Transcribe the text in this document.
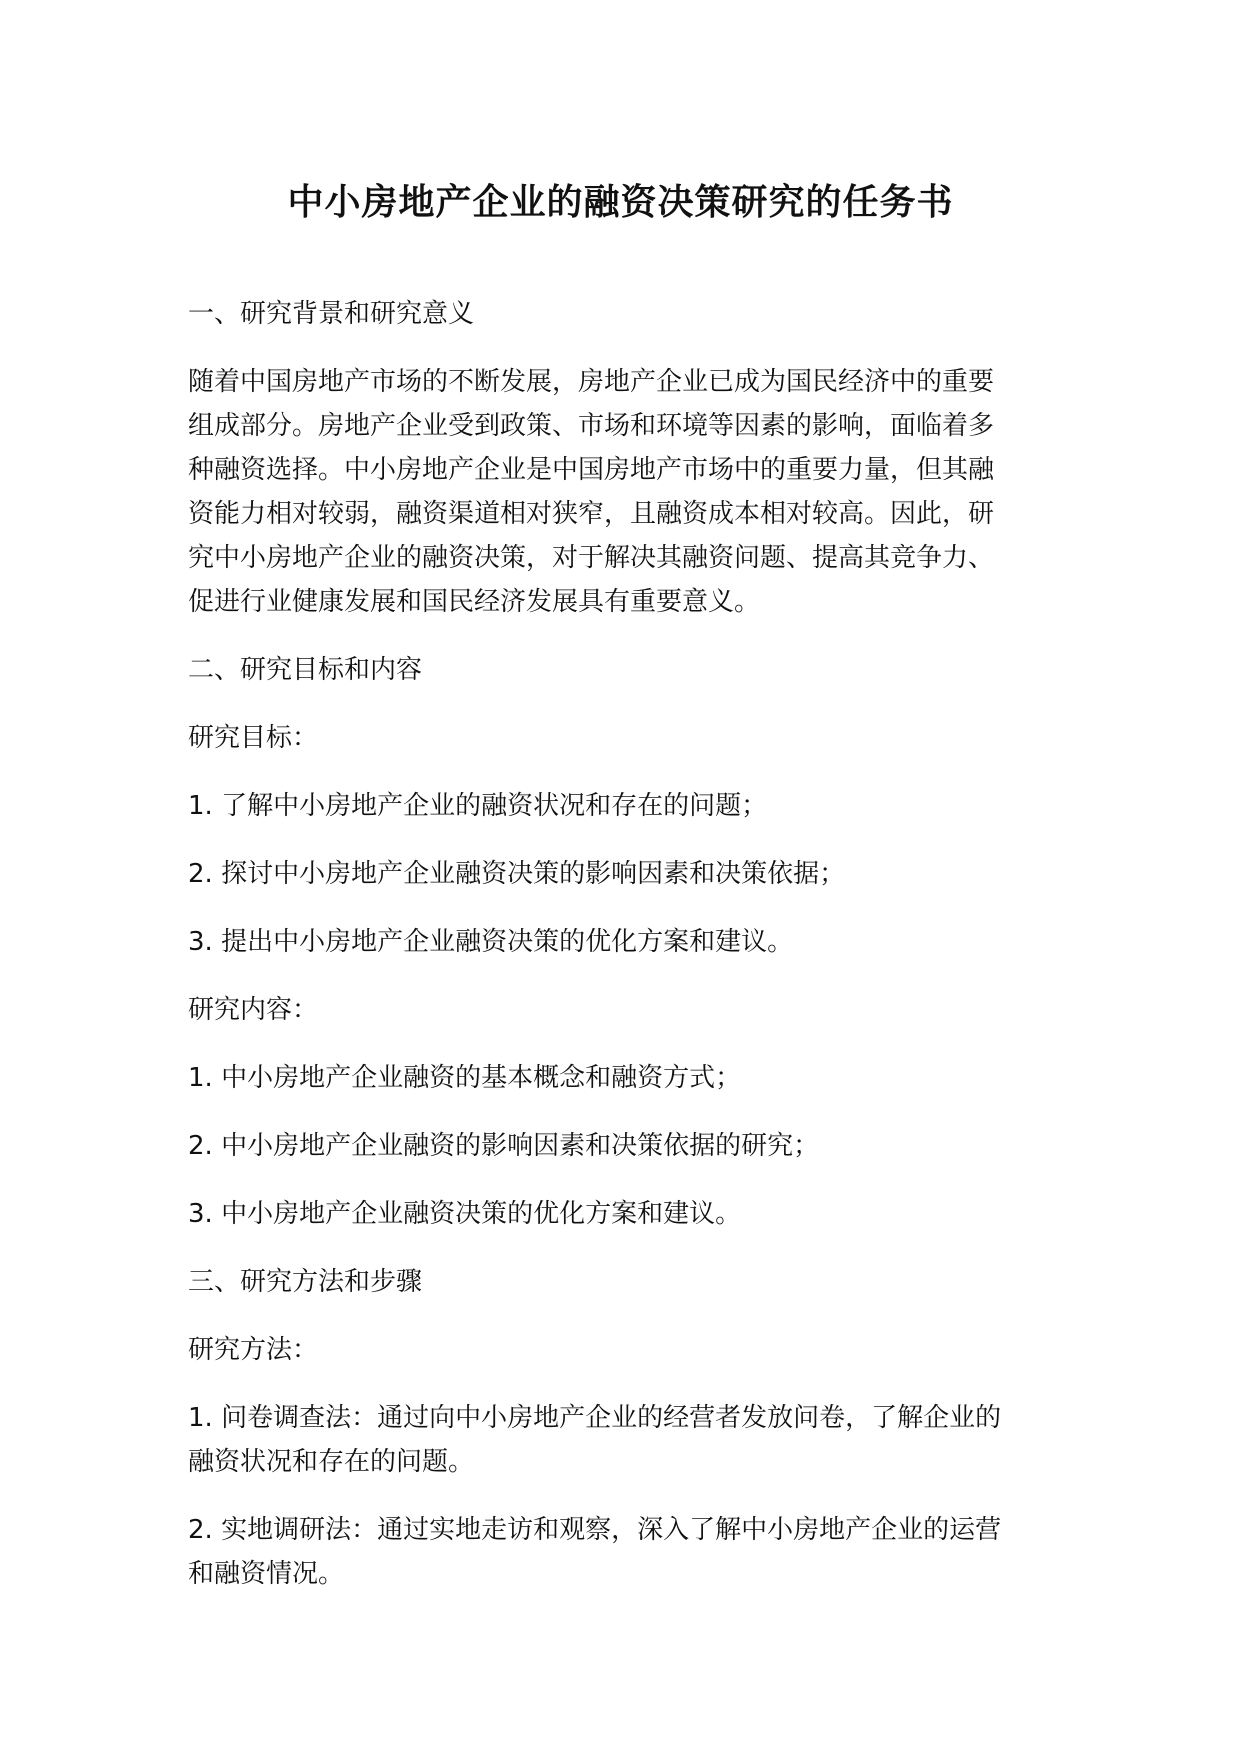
中小房地产企业的融资决策研究的任务书

一、研究背景和研究意义

随着中国房地产市场的不断发展，房地产企业已成为国民经济中的重要
组成部分。房地产企业受到政策、市场和环境等因素的影响，面临着多
种融资选择。中小房地产企业是中国房地产市场中的重要力量，但其融
资能力相对较弱，融资渠道相对狭窄，且融资成本相对较高。因此，研
究中小房地产企业的融资决策，对于解决其融资问题、提高其竞争力、
促进行业健康发展和国民经济发展具有重要意义。

二、研究目标和内容

研究目标：

1. 了解中小房地产企业的融资状况和存在的问题；

2. 探讨中小房地产企业融资决策的影响因素和决策依据；

3. 提出中小房地产企业融资决策的优化方案和建议。

研究内容：

1. 中小房地产企业融资的基本概念和融资方式；

2. 中小房地产企业融资的影响因素和决策依据的研究；

3. 中小房地产企业融资决策的优化方案和建议。

三、研究方法和步骤

研究方法：

1. 问卷调查法：通过向中小房地产企业的经营者发放问卷，了解企业的
融资状况和存在的问题。
2. 实地调研法：通过实地走访和观察，深入了解中小房地产企业的运营
和融资情况。
